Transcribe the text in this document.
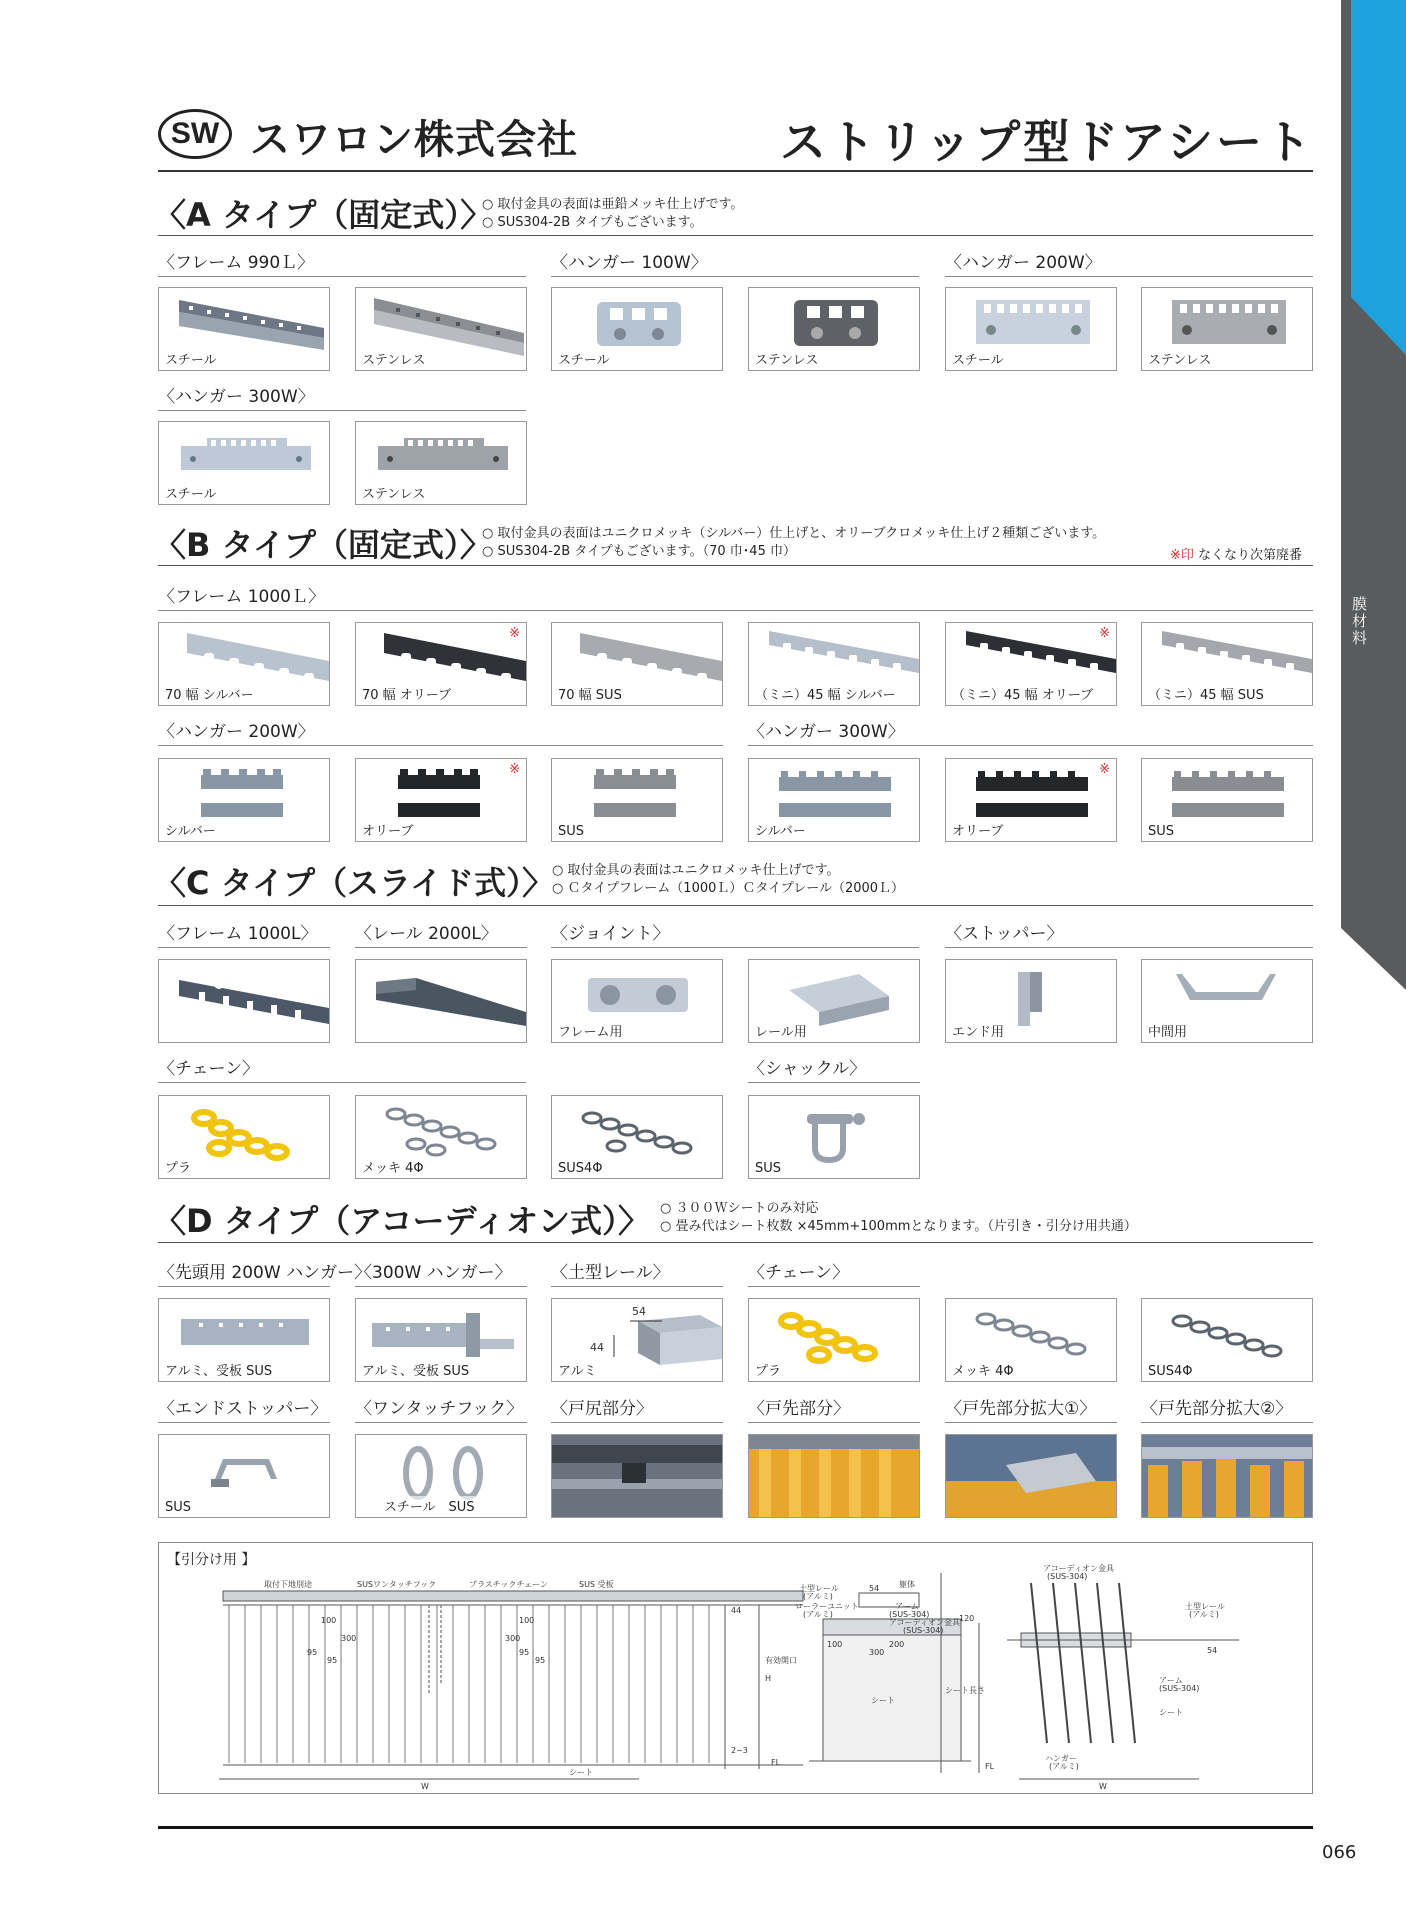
膜材料
SW スワロン株式会社	ストリップ型ドアシート
〈A タイプ（固定式）〉
○ 取付金具の表面は亜鉛メッキ仕上げです。
○ SUS304-2B タイプもございます。
〈フレーム 990Ｌ〉	〈ハンガー 100W〉	〈ハンガー 200W〉
スチール	ステンレス	スチール	ステンレス	スチール	ステンレス
〈ハンガー 300W〉
スチール	ステンレス
〈B タイプ（固定式）〉
○ 取付金具の表面はユニクロメッキ（シルバー）仕上げと、オリーブクロメッキ仕上げ２種類ございます。
○ SUS304-2B タイプもございます。（70 巾･45 巾）	※印 なくなり次第廃番
〈フレーム 1000Ｌ〉
70 幅 シルバー
※
70 幅 オリーブ	70 幅 SUS	（ミニ）45 幅 シルバー
※
（ミニ）45 幅 オリーブ	（ミニ）45 幅 SUS
〈ハンガー 200W〉	〈ハンガー 300W〉
シルバー
※
オリーブ	SUS	シルバー
※
オリーブ	SUS
〈C タイプ（スライド式）〉
○ 取付金具の表面はユニクロメッキ仕上げです。
○ Ｃタイプフレーム（1000Ｌ）Ｃタイプレール（2000Ｌ）
〈フレーム 1000L〉 〈レール 2000L〉	〈ジョイント〉	〈ストッパー〉
フレーム用	レール用	エンド用	中間用
〈チェーン〉	〈シャックル〉
プラ	メッキ 4Φ	SUS4Φ	SUS
〈D タイプ（アコーディオン式）〉 ○ ３００Ｗシートのみ対応
○ 畳み代はシート枚数 ×45mm+100mmとなります。（片引き・引分け用共通）
〈先頭用 200W ハンガー〉
〈300W ハンガー〉 〈土型レール〉	〈チェーン〉
アルミ、受板 SUS	アルミ、受板 SUS
54
44
アルミ	プラ	メッキ 4Φ	SUS4Φ
〈エンドストッパー〉 〈ワンタッチフック〉 〈戸尻部分〉	〈戸先部分〉	〈戸先部分拡大①〉	〈戸先部分拡大②〉
SUS	スチール　SUS
【引分け用 】
取付下地別途	SUSワンタッチフック	プラスチックチェーン	SUS 受板
100
300
95
95
300
100
95
95
44
有効開口
H
2~3
FL
シート
W
土型レール
(アルミ)
ローラーユニット
(アルミ)
54 躯体
アーム
(SUS-304)
アコーディオン金具
(SUS-304)
100	200
300
120
シート長さ
FL
シート
アコーディオン金具
(SUS-304)
土型レール
(アルミ)
54
アーム
(SUS-304)
シート
ハンガー
(アルミ)
W
066
